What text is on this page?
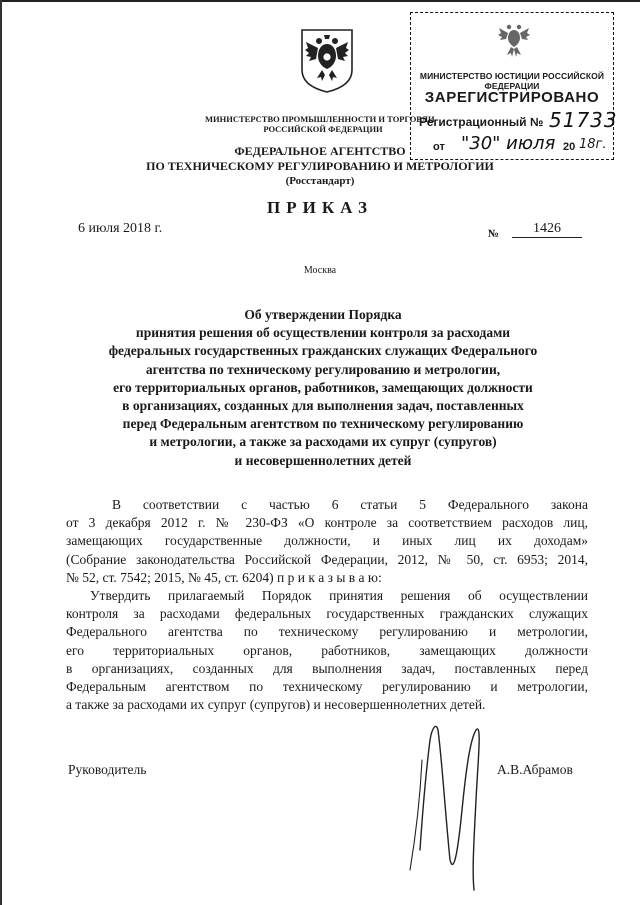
МИНИСТЕРСТВО ЮСТИЦИИ РОССИЙСКОЙ ФЕДЕРАЦИИ
ЗАРЕГИСТРИРОВАНО
Регистрационный № 51733
от "30" июля 20 18г.
МИНИСТЕРСТВО ПРОМЫШЛЕННОСТИ И ТОРГОВЛИ
РОССИЙСКОЙ ФЕДЕРАЦИИ
ФЕДЕРАЛЬНОЕ АГЕНТСТВО
ПО ТЕХНИЧЕСКОМУ РЕГУЛИРОВАНИЮ И МЕТРОЛОГИИ
(Росстандарт)
ПРИКАЗ
6 июля 2018 г.	№	1426
Москва
Об утверждении Порядка
принятия решения об осуществлении контроля за расходами
федеральных государственных гражданских служащих Федерального
агентства по техническому регулированию и метрологии,
его территориальных органов, работников, замещающих должности
в организациях, созданных для выполнения задач, поставленных
перед Федеральным агентством по техническому регулированию
и метрологии, а также за расходами их супруг (супругов)
и несовершеннолетних детей
В соответствии с частью 6 статьи 5 Федерального закона
от 3 декабря 2012 г. № 230-ФЗ «О контроле за соответствием расходов лиц,
замещающих государственные должности, и иных лиц их доходам»
(Собрание законодательства Российской Федерации, 2012, № 50, ст. 6953; 2014,
№ 52, ст. 7542; 2015, № 45, ст. 6204) п р и к а з ы в а ю:
Утвердить прилагаемый Порядок принятия решения об осуществлении
контроля за расходами федеральных государственных гражданских служащих
Федерального агентства по техническому регулированию и метрологии,
его территориальных органов, работников, замещающих должности
в организациях, созданных для выполнения задач, поставленных перед
Федеральным агентством по техническому регулированию и метрологии,
а также за расходами их супруг (супругов) и несовершеннолетних детей.
Руководитель	А.В.Абрамов
